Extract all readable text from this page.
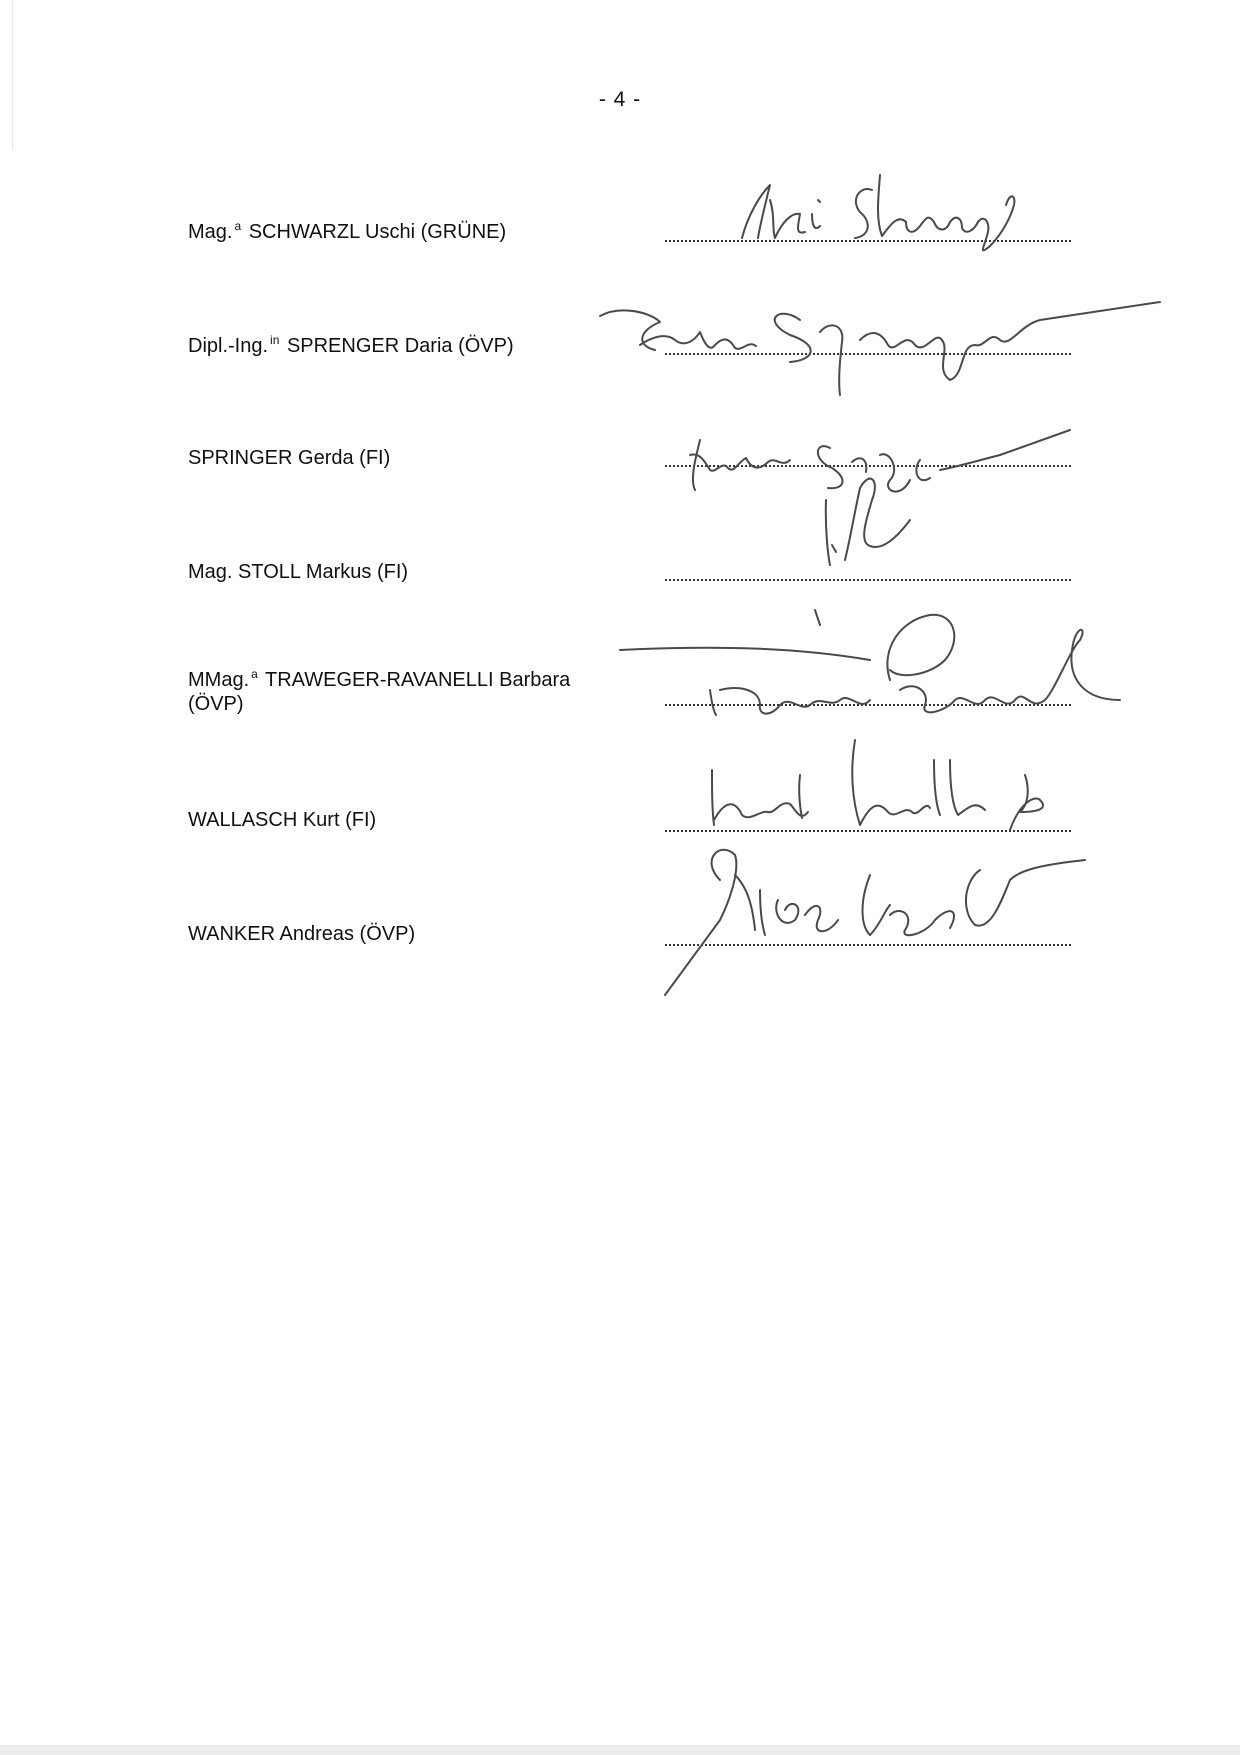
- 4 -
Mag. $^a$ SCHWARZL Uschi (GRÜNE)
Dipl.-Ing. $^{in}$ SPRENGER Daria (ÖVP)
SPRINGER Gerda (FI)
Mag. STOLL Markus (FI)
MMag. $^a$ TRAWEGER-RAVANELLI Barbara
(ÖVP)
WALLASCH Kurt (FI)
WANKER Andreas (ÖVP)
